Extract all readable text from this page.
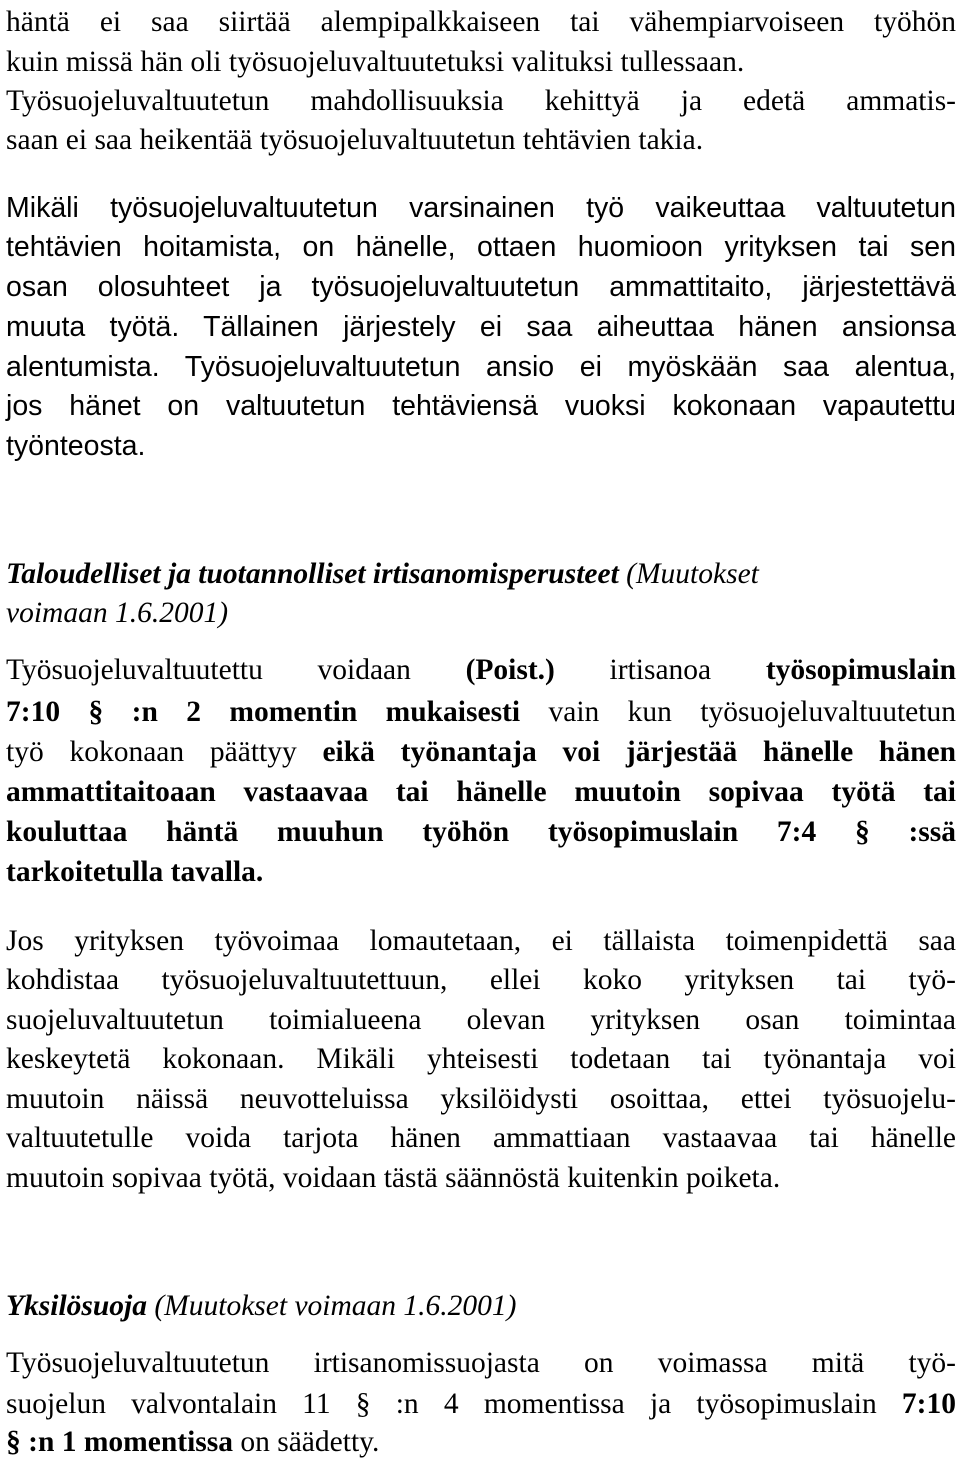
häntä ei saa siirtää alempipalkkaiseen tai vähempiarvoiseen työhön
kuin missä hän oli työsuojeluvaltuutetuksi valituksi tullessaan.
Työsuojeluvaltuutetun mahdollisuuksia kehittyä ja edetä ammatis-
saan ei saa heikentää työsuojeluvaltuutetun tehtävien takia.
Mikäli työsuojeluvaltuutetun varsinainen työ vaikeuttaa valtuutetun
tehtävien hoitamista, on hänelle, ottaen huomioon yrityksen tai sen
osan olosuhteet ja työsuojeluvaltuutetun ammattitaito, järjestettävä
muuta työtä. Tällainen järjestely ei saa aiheuttaa hänen ansionsa
alentumista. Työsuojeluvaltuutetun ansio ei myöskään saa alentua,
jos hänet on valtuutetun tehtäviensä vuoksi kokonaan vapautettu
työnteosta.
Taloudelliset ja tuotannolliset irtisanomisperusteet (Muutokset
voimaan 1.6.2001)
Työsuojeluvaltuutettu voidaan (Poist.) irtisanoa työsopimuslain
7:10 § :n 2 momentin mukaisesti vain kun työsuojeluvaltuutetun
työ kokonaan päättyy eikä työnantaja voi järjestää hänelle hänen
ammattitaitoaan vastaavaa tai hänelle muutoin sopivaa työtä tai
kouluttaa häntä muuhun työhön työsopimuslain 7:4 § :ssä
tarkoitetulla tavalla.
Jos yrityksen työvoimaa lomautetaan, ei tällaista toimenpidettä saa
kohdistaa työsuojeluvaltuutettuun, ellei koko yrityksen tai työ-
suojeluvaltuutetun toimialueena olevan yrityksen osan toimintaa
keskeytetä kokonaan. Mikäli yhteisesti todetaan tai työnantaja voi
muutoin näissä neuvotteluissa yksilöidysti osoittaa, ettei työsuojelu-
valtuutetulle voida tarjota hänen ammattiaan vastaavaa tai hänelle
muutoin sopivaa työtä, voidaan tästä säännöstä kuitenkin poiketa.
Yksilösuoja (Muutokset voimaan 1.6.2001)
Työsuojeluvaltuutetun irtisanomissuojasta on voimassa mitä työ-
suojelun valvontalain 11 § :n 4 momentissa ja työsopimuslain 7:10
§ :n 1 momentissa on säädetty.
